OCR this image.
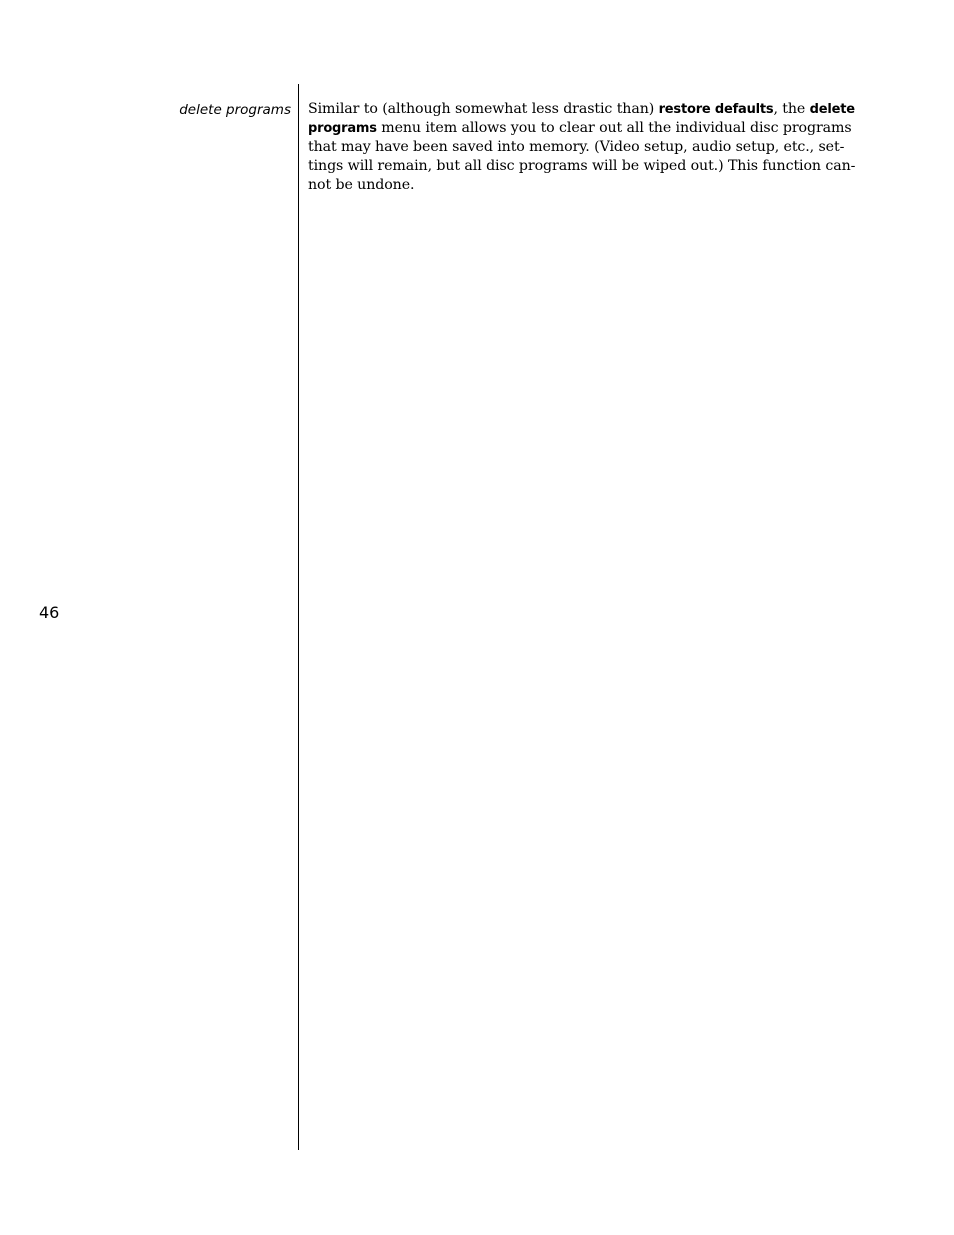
delete programs Similar to (although somewhat less drastic than) restore defaults, the delete
programs menu item allows you to clear out all the individual disc programs
that may have been saved into memory. (Video setup, audio setup, etc., set-
tings will remain, but all disc programs will be wiped out.) This function can-
not be undone.
46
